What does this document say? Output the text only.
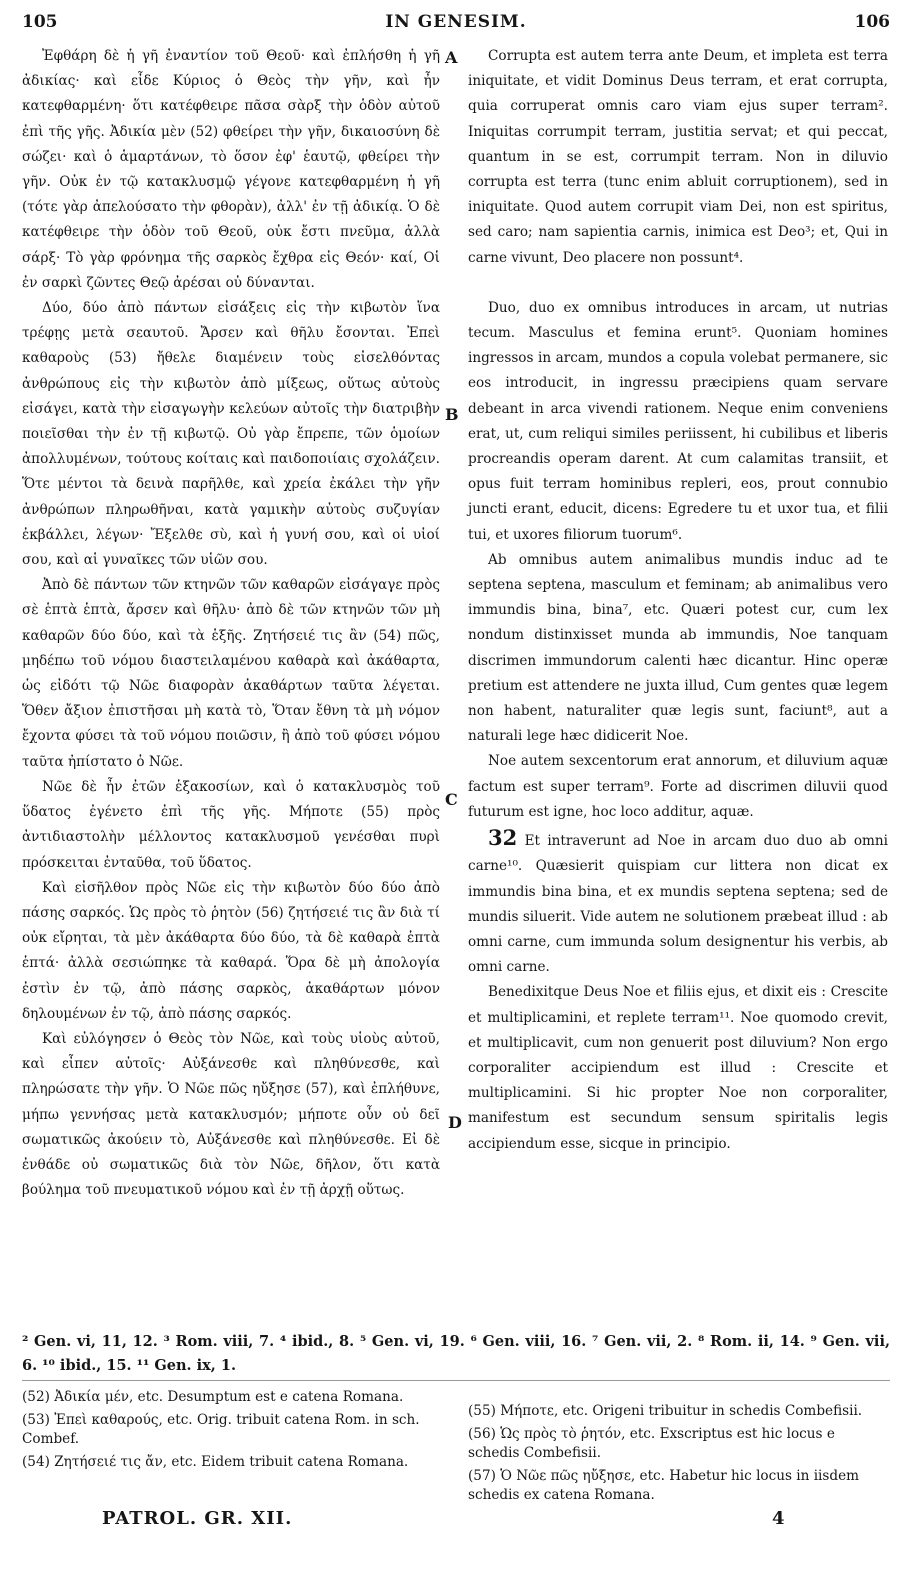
105	IN GENESIM.	106

Ἐφθάρη δὲ ἡ γῆ ἐναντίον τοῦ Θεοῦ· καὶ ἐπλήσθη ἡ γῆ ἀδικίας· καὶ εἶδε Κύριος ὁ Θεὸς τὴν γῆν, καὶ ἦν κατεφθαρμένη· ὅτι κατέφθειρε πᾶσα σὰρξ τὴν ὁδὸν αὐτοῦ ἐπὶ τῆς γῆς. Ἀδικία μὲν (52) φθείρει τὴν γῆν, δικαιοσύνη δὲ σώζει· καὶ ὁ ἁμαρτάνων, τὸ ὅσον ἐφ' ἑαυτῷ, φθείρει τὴν γῆν. Οὐκ ἐν τῷ κατακλυσμῷ γέγονε κατεφθαρμένη ἡ γῆ (τότε γὰρ ἀπελούσατο τὴν φθορὰν), ἀλλ' ἐν τῇ ἀδικίᾳ. Ὁ δὲ κατέφθειρε τὴν ὁδὸν τοῦ Θεοῦ, οὐκ ἔστι πνεῦμα, ἀλλὰ σάρξ· Τὸ γὰρ φρόνημα τῆς σαρκὸς ἔχθρα εἰς Θεόν· καί, Οἱ ἐν σαρκὶ ζῶντες Θεῷ ἀρέσαι οὐ δύνανται.

Δύο, δύο ἀπὸ πάντων εἰσάξεις εἰς τὴν κιβωτὸν ἵνα τρέφῃς μετὰ σεαυτοῦ. Ἄρσεν καὶ θῆλυ ἔσονται. Ἐπεὶ καθαροὺς (53) ἤθελε διαμένειν τοὺς εἰσελθόντας ἀνθρώπους εἰς τὴν κιβωτὸν ἀπὸ μίξεως, οὕτως αὐτοὺς εἰσάγει, κατὰ τὴν εἰσαγωγὴν κελεύων αὐτοῖς τὴν διατριβὴν ποιεῖσθαι τὴν ἐν τῇ κιβωτῷ. Οὐ γὰρ ἔπρεπε, τῶν ὁμοίων ἀπολλυμένων, τούτους κοίταις καὶ παιδοποιίαις σχολάζειν. Ὅτε μέντοι τὰ δεινὰ παρῆλθε, καὶ χρεία ἐκάλει τὴν γῆν ἀνθρώπων πληρωθῆναι, κατὰ γαμικὴν αὐτοὺς συζυγίαν ἐκβάλλει, λέγων· Ἔξελθε σὺ, καὶ ἡ γυνή σου, καὶ οἱ υἱοί σου, καὶ αἱ γυναῖκες τῶν υἱῶν σου.

Ἀπὸ δὲ πάντων τῶν κτηνῶν τῶν καθαρῶν εἰσάγαγε πρὸς σὲ ἑπτὰ ἑπτὰ, ἄρσεν καὶ θῆλυ· ἀπὸ δὲ τῶν κτηνῶν τῶν μὴ καθαρῶν δύο δύο, καὶ τὰ ἑξῆς. Ζητήσειέ τις ἂν (54) πῶς, μηδέπω τοῦ νόμου διαστειλαμένου καθαρὰ καὶ ἀκάθαρτα, ὡς εἰδότι τῷ Νῶε διαφορὰν ἀκαθάρτων ταῦτα λέγεται. Ὅθεν ἄξιον ἐπιστῆσαι μὴ κατὰ τὸ, Ὅταν ἔθνη τὰ μὴ νόμον ἔχοντα φύσει τὰ τοῦ νόμου ποιῶσιν, ἢ ἀπὸ τοῦ φύσει νόμου ταῦτα ἠπίστατο ὁ Νῶε.

Νῶε δὲ ἦν ἐτῶν ἑξακοσίων, καὶ ὁ κατακλυσμὸς τοῦ ὕδατος ἐγένετο ἐπὶ τῆς γῆς. Μήποτε (55) πρὸς ἀντιδιαστολὴν μέλλοντος κατακλυσμοῦ γενέσθαι πυρὶ πρόσκειται ἐνταῦθα, τοῦ ὕδατος.

Καὶ εἰσῆλθον πρὸς Νῶε εἰς τὴν κιβωτὸν δύο δύο ἀπὸ πάσης σαρκός. Ὡς πρὸς τὸ ῥητὸν (56) ζητήσειέ τις ἂν διὰ τί οὐκ εἴρηται, τὰ μὲν ἀκάθαρτα δύο δύο, τὰ δὲ καθαρὰ ἑπτὰ ἑπτά· ἀλλὰ σεσιώπηκε τὰ καθαρά. Ὅρα δὲ μὴ ἀπολογία ἐστὶν ἐν τῷ, ἀπὸ πάσης σαρκὸς, ἀκαθάρτων μόνον δηλουμένων ἐν τῷ, ἀπὸ πάσης σαρκός.

Καὶ εὐλόγησεν ὁ Θεὸς τὸν Νῶε, καὶ τοὺς υἱοὺς αὐτοῦ, καὶ εἶπεν αὐτοῖς· Αὐξάνεσθε καὶ πληθύνεσθε, καὶ πληρώσατε τὴν γῆν. Ὁ Νῶε πῶς ηὔξησε (57), καὶ ἐπλήθυνε, μήπω γεννήσας μετὰ κατακλυσμόν; μήποτε οὖν οὐ δεῖ σωματικῶς ἀκούειν τὸ, Αὐξάνεσθε καὶ πληθύνεσθε. Εἰ δὲ ἐνθάδε οὐ σωματικῶς διὰ τὸν Νῶε, δῆλον, ὅτι κατὰ βούλημα τοῦ πνευματικοῦ νόμου καὶ ἐν τῇ ἀρχῇ οὕτως.

A
B
C
D

Corrupta est autem terra ante Deum, et impleta est terra iniquitate, et vidit Dominus Deus terram, et erat corrupta, quia corruperat omnis caro viam ejus super terram². Iniquitas corrumpit terram, justitia servat; et qui peccat, quantum in se est, corrumpit terram. Non in diluvio corrupta est terra (tunc enim abluit corruptionem), sed in iniquitate. Quod autem corrupit viam Dei, non est spiritus, sed caro; nam sapientia carnis, inimica est Deo³; et, Qui in carne vivunt, Deo placere non possunt⁴.

Duo, duo ex omnibus introduces in arcam, ut nutrias tecum. Masculus et femina erunt⁵. Quoniam homines ingressos in arcam, mundos a copula volebat permanere, sic eos introducit, in ingressu præcipiens quam servare debeant in arca vivendi rationem. Neque enim conveniens erat, ut, cum reliqui similes periissent, hi cubilibus et liberis procreandis operam darent. At cum calamitas transiit, et opus fuit terram hominibus repleri, eos, prout connubio juncti erant, educit, dicens: Egredere tu et uxor tua, et filii tui, et uxores filiorum tuorum⁶.

Ab omnibus autem animalibus mundis induc ad te septena septena, masculum et feminam; ab animalibus vero immundis bina, bina⁷, etc. Quæri potest cur, cum lex nondum distinxisset munda ab immundis, Noe tanquam discrimen immundorum calenti hæc dicantur. Hinc operæ pretium est attendere ne juxta illud, Cum gentes quæ legem non habent, naturaliter quæ legis sunt, faciunt⁸, aut a naturali lege hæc didicerit Noe.

Noe autem sexcentorum erat annorum, et diluvium aquæ factum est super terram⁹. Forte ad discrimen diluvii quod futurum est igne, hoc loco additur, aquæ.

32 Et intraverunt ad Noe in arcam duo duo ab omni carne¹⁰. Quæsierit quispiam cur littera non dicat ex immundis bina bina, et ex mundis septena septena; sed de mundis siluerit. Vide autem ne solutionem præbeat illud : ab omni carne, cum immunda solum designentur his verbis, ab omni carne.

Benedixitque Deus Noe et filiis ejus, et dixit eis : Crescite et multiplicamini, et replete terram¹¹. Noe quomodo crevit, et multiplicavit, cum non genuerit post diluvium? Non ergo corporaliter accipiendum est illud : Crescite et multiplicamini. Si hic propter Noe non corporaliter, manifestum est secundum sensum spiritalis legis accipiendum esse, sicque in principio.

² Gen. vi, 11, 12. ³ Rom. viii, 7. ⁴ ibid., 8. ⁵ Gen. vi, 19. ⁶ Gen. viii, 16. ⁷ Gen. vii, 2. ⁸ Rom. ii, 14. ⁹ Gen. vii, 6. ¹⁰ ibid., 15. ¹¹ Gen. ix, 1.

(52) Ἀδικία μέν, etc. Desumptum est e catena Romana.

(53) Ἐπεὶ καθαρούς, etc. Orig. tribuit catena Rom. in sch. Combef.

(54) Ζητήσειέ τις ἄν, etc. Eidem tribuit catena Romana.

(55) Μήποτε, etc. Origeni tribuitur in schedis Combefisii.

(56) Ὡς πρὸς τὸ ῥητόν, etc. Exscriptus est hic locus e schedis Combefisii.

(57) Ὁ Νῶε πῶς ηὔξησε, etc. Habetur hic locus in iisdem schedis ex catena Romana.

PATROL. GR. XII.	4
